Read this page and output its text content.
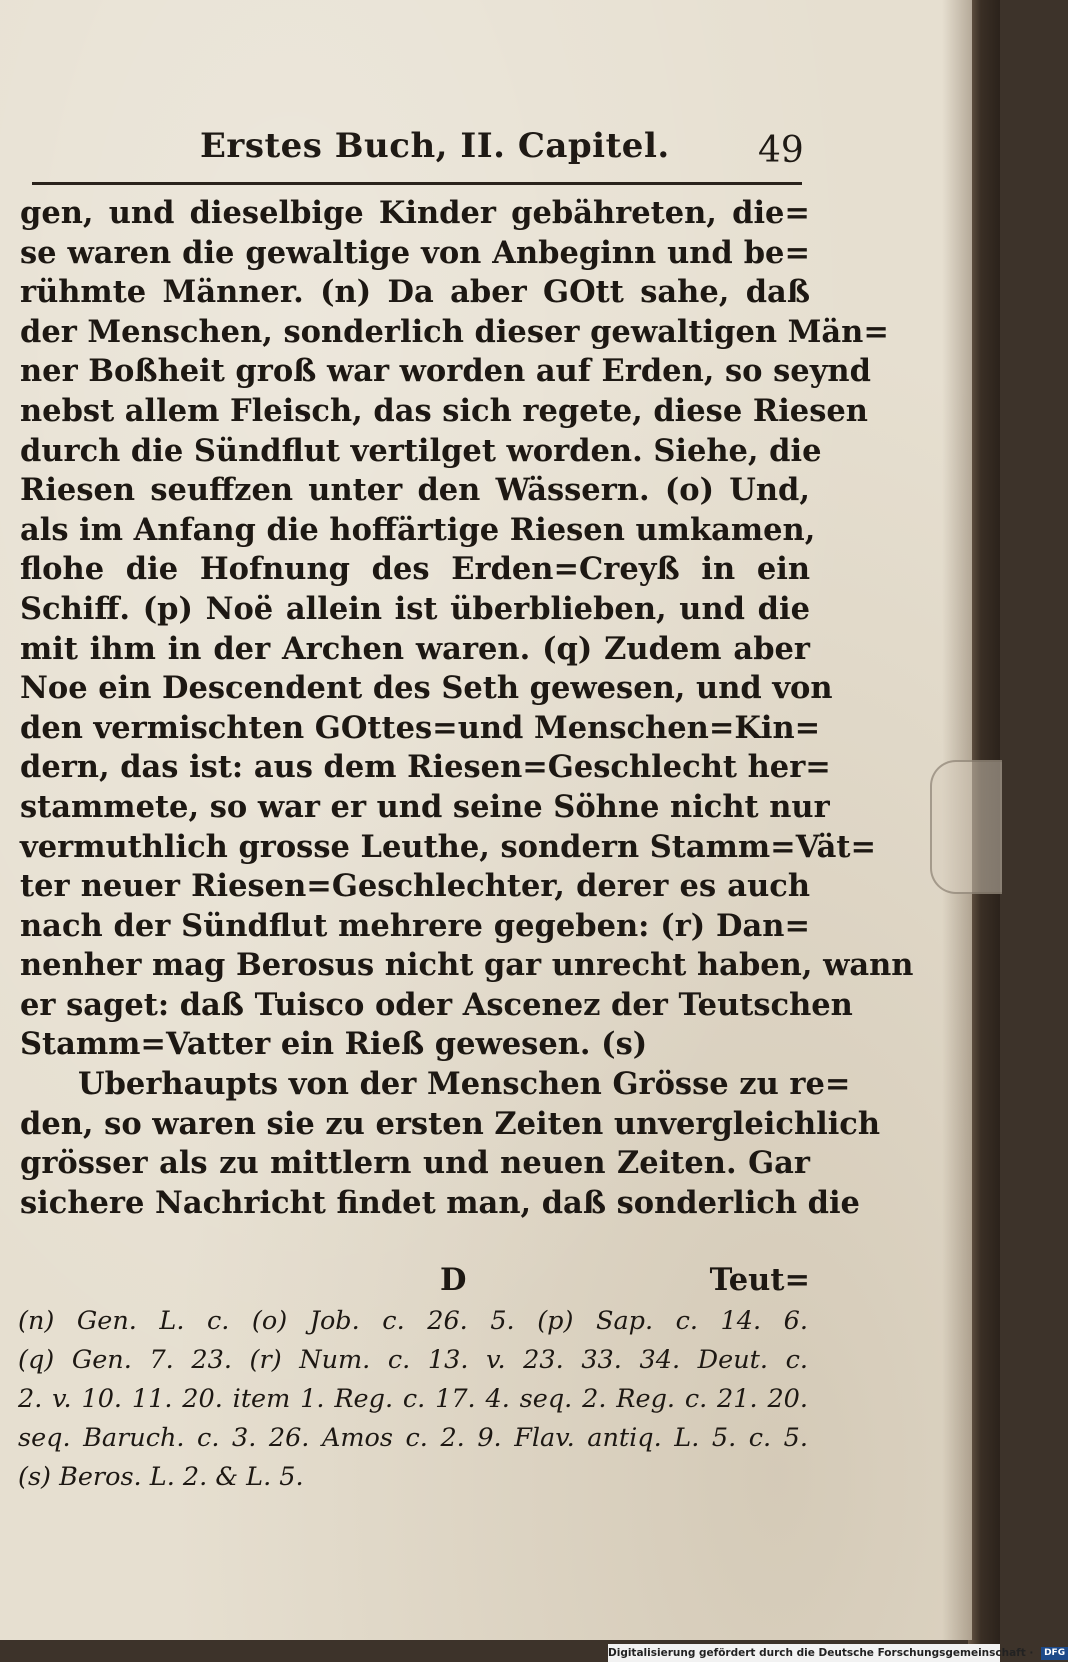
Erstes Buch, II. Capitel. 49
gen, und dieselbige Kinder gebähreten, die=
se waren die gewaltige von Anbeginn und be=
rühmte Männer. (n) Da aber GOtt sahe, daß
der Menschen, sonderlich dieser gewaltigen Män=
ner Boßheit groß war worden auf Erden, so seynd
nebst allem Fleisch, das sich regete, diese Riesen
durch die Sündflut vertilget worden. Siehe, die
Riesen seuffzen unter den Wässern. (o) Und,
als im Anfang die hoffärtige Riesen umkamen,
flohe die Hofnung des Erden=Creyß in ein
Schiff. (p) Noë allein ist überblieben, und die
mit ihm in der Archen waren. (q) Zudem aber
Noe ein Descendent des Seth gewesen, und von
den vermischten GOttes=und Menschen=Kin=
dern, das ist: aus dem Riesen=Geschlecht her=
stammete, so war er und seine Söhne nicht nur
vermuthlich grosse Leuthe, sondern Stamm=Vät=
ter neuer Riesen=Geschlechter, derer es auch
nach der Sündflut mehrere gegeben: (r) Dan=
nenher mag Berosus nicht gar unrecht haben, wann
er saget: daß Tuisco oder Ascenez der Teutschen
Stamm=Vatter ein Rieß gewesen. (s)
Uberhaupts von der Menschen Grösse zu re=
den, so waren sie zu ersten Zeiten unvergleichlich
grösser als zu mittlern und neuen Zeiten. Gar
sichere Nachricht findet man, daß sonderlich die
D	Teut=
(n) Gen. L. c. (o) Job. c. 26. 5. (p) Sap. c. 14. 6.
(q) Gen. 7. 23. (r) Num. c. 13. v. 23. 33. 34. Deut. c.
2. v. 10. 11. 20. item 1. Reg. c. 17. 4. seq. 2. Reg. c. 21. 20.
seq. Baruch. c. 3. 26. Amos c. 2. 9. Flav. antiq. L. 5. c. 5.
(s) Beros. L. 2. & L. 5.
Digitalisierung gefördert durch die Deutsche Forschungsgemeinschaft · DFG
